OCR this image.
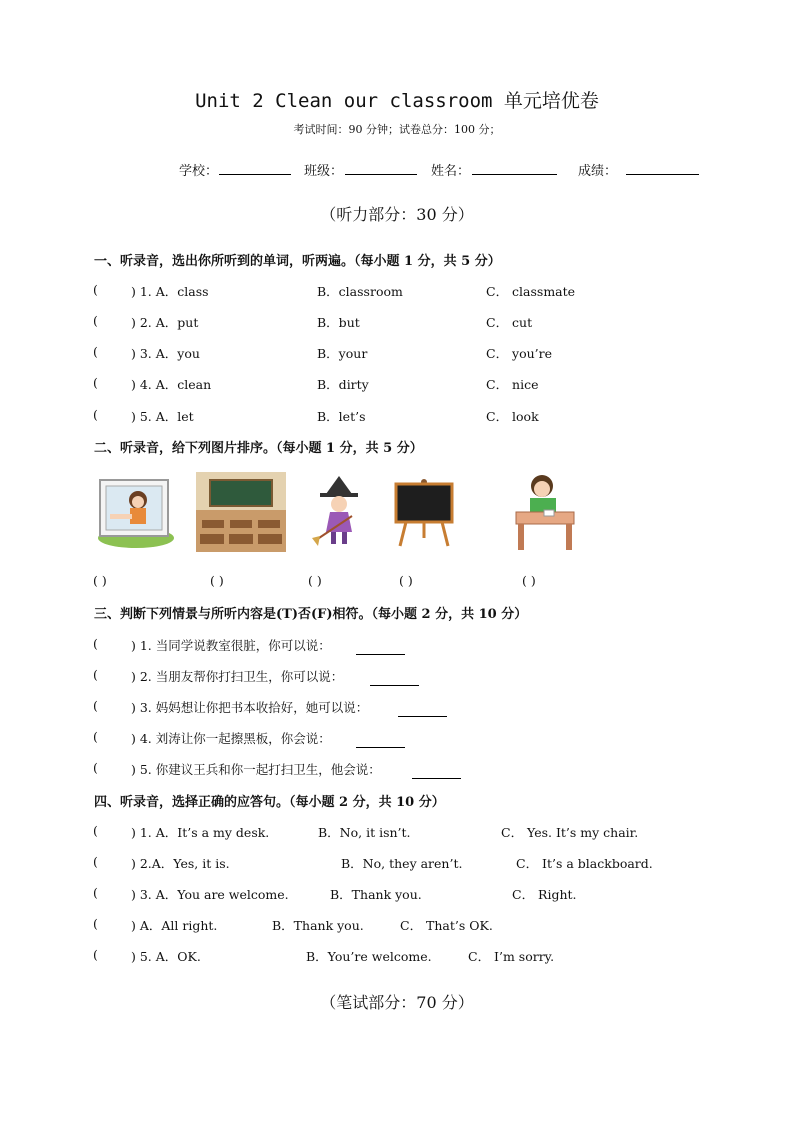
Unit 2 Clean our classroom 单元培优卷
考试时间：90 分钟；试卷总分：100 分；
学校：	班级：	姓名：	成绩：
（听力部分：30 分）
一、听录音，选出你所听到的单词，听两遍。（每小题 1 分，共 5 分）
(	) 1. A．class	B．classroom	C． classmate
(	) 2. A．put	B．but	C． cut
(	) 3. A．you	B．your	C． you’re
(	) 4. A．clean	B．dirty	C． nice
(	) 5. A．let	B．let’s	C． look
二、听录音，给下列图片排序。（每小题 1 分，共 5 分）
( )	( )	( )	( )	( )
三、判断下列情景与所听内容是(T)否(F)相符。（每小题 2 分，共 10 分）
(	) 1. 当同学说教室很脏，你可以说：
(	) 2. 当朋友帮你打扫卫生，你可以说：
(	) 3. 妈妈想让你把书本收拾好，她可以说：
(	) 4. 刘涛让你一起擦黑板，你会说：
(	) 5. 你建议王兵和你一起打扫卫生，他会说：
四、听录音，选择正确的应答句。（每小题 2 分，共 10 分）
(	) 1. A．It’s a my desk.	B．No, it isn’t.	C． Yes. It’s my chair.
(	) 2.A．Yes, it is.	B．No, they aren’t.	C． It’s a blackboard.
(	) 3. A．You are welcome.	B．Thank you.	C． Right.
(	) A．All right.	B．Thank you.	C． That’s OK.
(	) 5. A．OK.	B．You’re welcome.	C． I’m sorry.
（笔试部分：70 分）
